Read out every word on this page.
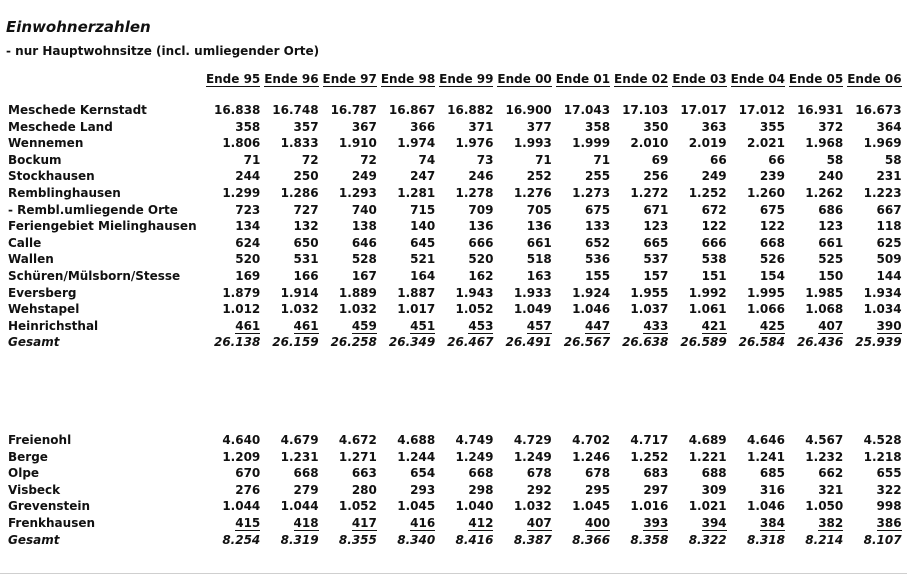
Einwohnerzahlen
- nur Hauptwohnsitze (incl. umliegender Orte)
	Ende 95	Ende 96	Ende 97	Ende 98	Ende 99	Ende 00	Ende 01	Ende 02	Ende 03	Ende 04	Ende 05	Ende 06

Meschede Kernstadt	16.838	16.748	16.787	16.867	16.882	16.900	17.043	17.103	17.017	17.012	16.931	16.673
Meschede Land	358	357	367	366	371	377	358	350	363	355	372	364
Wennemen	1.806	1.833	1.910	1.974	1.976	1.993	1.999	2.010	2.019	2.021	1.968	1.969
Bockum	71	72	72	74	73	71	71	69	66	66	58	58
Stockhausen	244	250	249	247	246	252	255	256	249	239	240	231
Remblinghausen	1.299	1.286	1.293	1.281	1.278	1.276	1.273	1.272	1.252	1.260	1.262	1.223
- Rembl.umliegende Orte	723	727	740	715	709	705	675	671	672	675	686	667
Feriengebiet Mielinghausen	134	132	138	140	136	136	133	123	122	122	123	118
Calle	624	650	646	645	666	661	652	665	666	668	661	625
Wallen	520	531	528	521	520	518	536	537	538	526	525	509
Schüren/Mülsborn/Stesse	169	166	167	164	162	163	155	157	151	154	150	144
Eversberg	1.879	1.914	1.889	1.887	1.943	1.933	1.924	1.955	1.992	1.995	1.985	1.934
Wehstapel	1.012	1.032	1.032	1.017	1.052	1.049	1.046	1.037	1.061	1.066	1.068	1.034
Heinrichsthal	461	461	459	451	453	457	447	433	421	425	407	390
Gesamt	26.138	26.159	26.258	26.349	26.467	26.491	26.567	26.638	26.589	26.584	26.436	25.939
Freienohl	4.640	4.679	4.672	4.688	4.749	4.729	4.702	4.717	4.689	4.646	4.567	4.528
Berge	1.209	1.231	1.271	1.244	1.249	1.249	1.246	1.252	1.221	1.241	1.232	1.218
Olpe	670	668	663	654	668	678	678	683	688	685	662	655
Visbeck	276	279	280	293	298	292	295	297	309	316	321	322
Grevenstein	1.044	1.044	1.052	1.045	1.040	1.032	1.045	1.016	1.021	1.046	1.050	998
Frenkhausen	415	418	417	416	412	407	400	393	394	384	382	386
Gesamt	8.254	8.319	8.355	8.340	8.416	8.387	8.366	8.358	8.322	8.318	8.214	8.107
